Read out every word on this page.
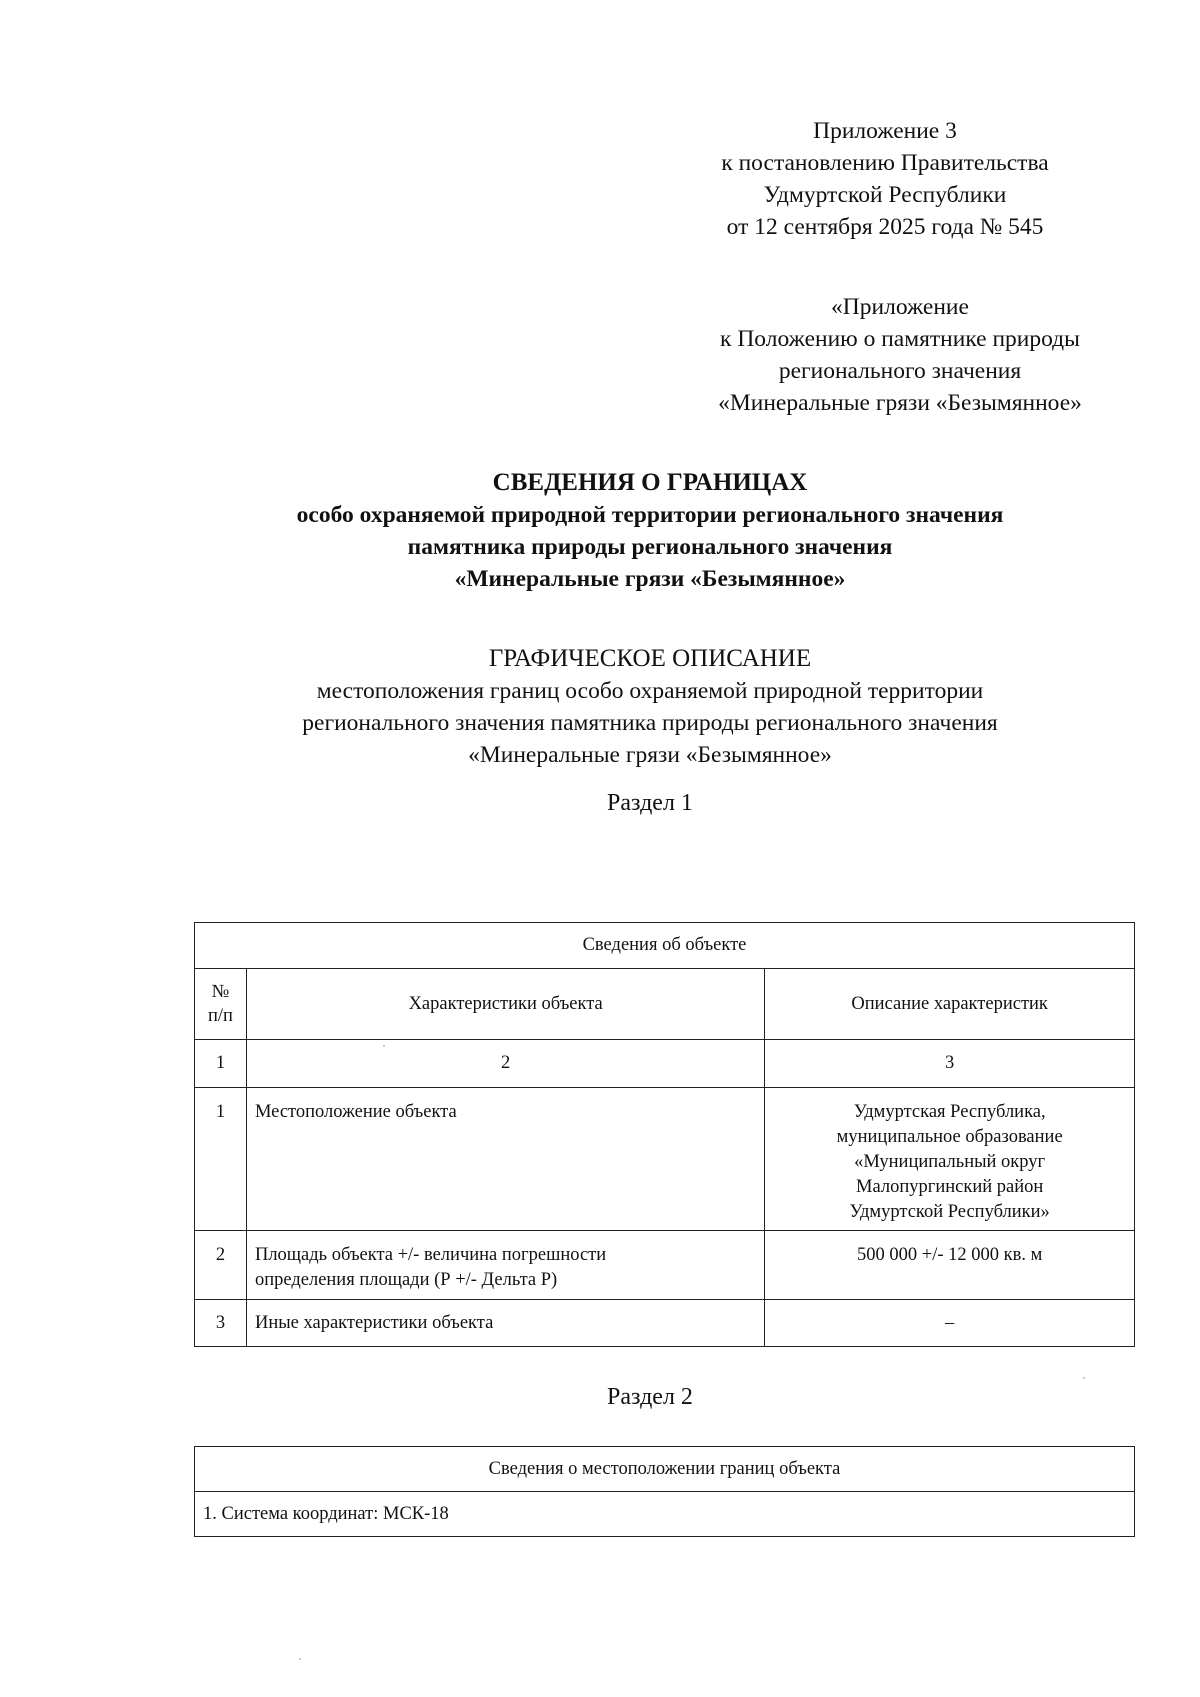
Приложение 3
к постановлению Правительства
Удмуртской Республики
от 12 сентября 2025 года № 545
«Приложение
к Положению о памятнике природы
регионального значения
«Минеральные грязи «Безымянное»
СВЕДЕНИЯ О ГРАНИЦАХ
особо охраняемой природной территории регионального значения
памятника природы регионального значения
«Минеральные грязи «Безымянное»
ГРАФИЧЕСКОЕ ОПИСАНИЕ
местоположения границ особо охраняемой природной территории
регионального значения памятника природы регионального значения
«Минеральные грязи «Безымянное»
Раздел 1
Сведения об объекте		

№
п/п	Характеристики объекта	Описание характеристик
1	2	3
1	Местоположение объекта	Удмуртская Республика,
муниципальное образование
«Муниципальный округ
Малопургинский район
Удмуртской Республики»

2	Площадь объекта +/- величина погрешности
определения площади (Р +/- Дельта Р)	500 000 +/- 12 000 кв. м
3	Иные характеристики объекта	–
Раздел 2
Сведения о местоположении границ объекта
1. Система координат: МСК-18
